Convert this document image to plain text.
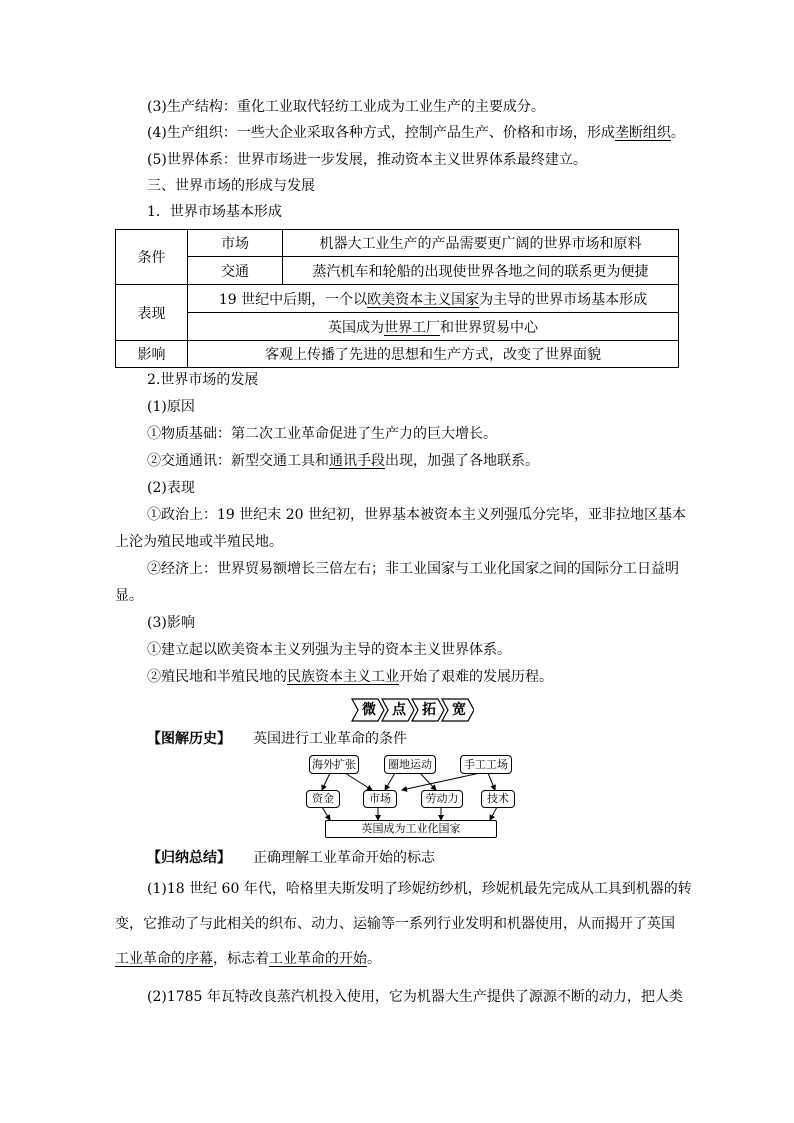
(3)生产结构：重化工业取代轻纺工业成为工业生产的主要成分。
(4)生产组织：一些大企业采取各种方式，控制产品生产、价格和市场，形成垄断组织。
(5)世界体系：世界市场进一步发展，推动资本主义世界体系最终建立。
三、世界市场的形成与发展
1．世界市场基本形成
条件	市场	机器大工业生产的产品需要更广阔的世界市场和原料
	交通	蒸汽机车和轮船的出现使世界各地之间的联系更为便捷
表现	19 世纪中后期，一个以欧美资本主义国家为主导的世界市场基本形成	
	英国成为世界工厂和世界贸易中心	
影响	客观上传播了先进的思想和生产方式，改变了世界面貌	
2.世界市场的发展
(1)原因
①物质基础：第二次工业革命促进了生产力的巨大增长。
②交通通讯：新型交通工具和通讯手段出现，加强了各地联系。
(2)表现
①政治上：19 世纪末 20 世纪初，世界基本被资本主义列强瓜分完毕，亚非拉地区基本
上沦为殖民地或半殖民地。
②经济上：世界贸易额增长三倍左右；非工业国家与工业化国家之间的国际分工日益明
显。
(3)影响
①建立起以欧美资本主义列强为主导的资本主义世界体系。
②殖民地和半殖民地的民族资本主义工业开始了艰难的发展历程。
微 点 拓 宽
【图解历史】 英国进行工业革命的条件
海外扩张	圈地运动	手工工场
资金	市场	劳动力	技术
英国成为工业化国家
【归纳总结】 正确理解工业革命开始的标志
(1)18 世纪 60 年代，哈格里夫斯发明了珍妮纺纱机，珍妮机最先完成从工具到机器的转
变，它推动了与此相关的织布、动力、运输等一系列行业发明和机器使用，从而揭开了英国
工业革命的序幕，标志着工业革命的开始。
(2)1785 年瓦特改良蒸汽机投入使用，它为机器大生产提供了源源不断的动力，把人类
